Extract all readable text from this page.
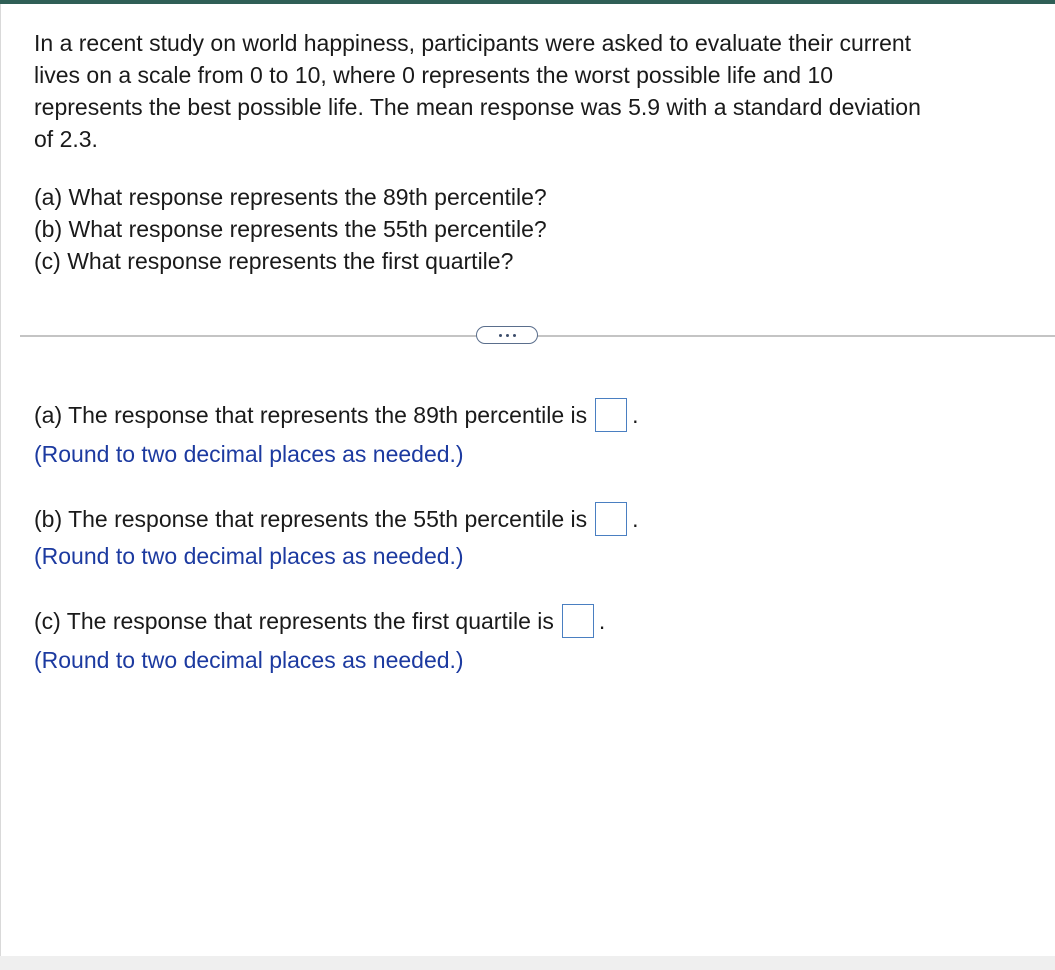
In a recent study on world happiness, participants were asked to evaluate their current
lives on a scale from 0 to 10, where 0 represents the worst possible life and 10
represents the best possible life. The mean response was 5.9 with a standard deviation
of 2.3.

(a) What response represents the 89th percentile?
(b) What response represents the 55th percentile?
(c) What response represents the first quartile?
(a) The response that represents the 89th percentile is .
(Round to two decimal places as needed.)
(b) The response that represents the 55th percentile is .
(Round to two decimal places as needed.)
(c) The response that represents the first quartile is .
(Round to two decimal places as needed.)
